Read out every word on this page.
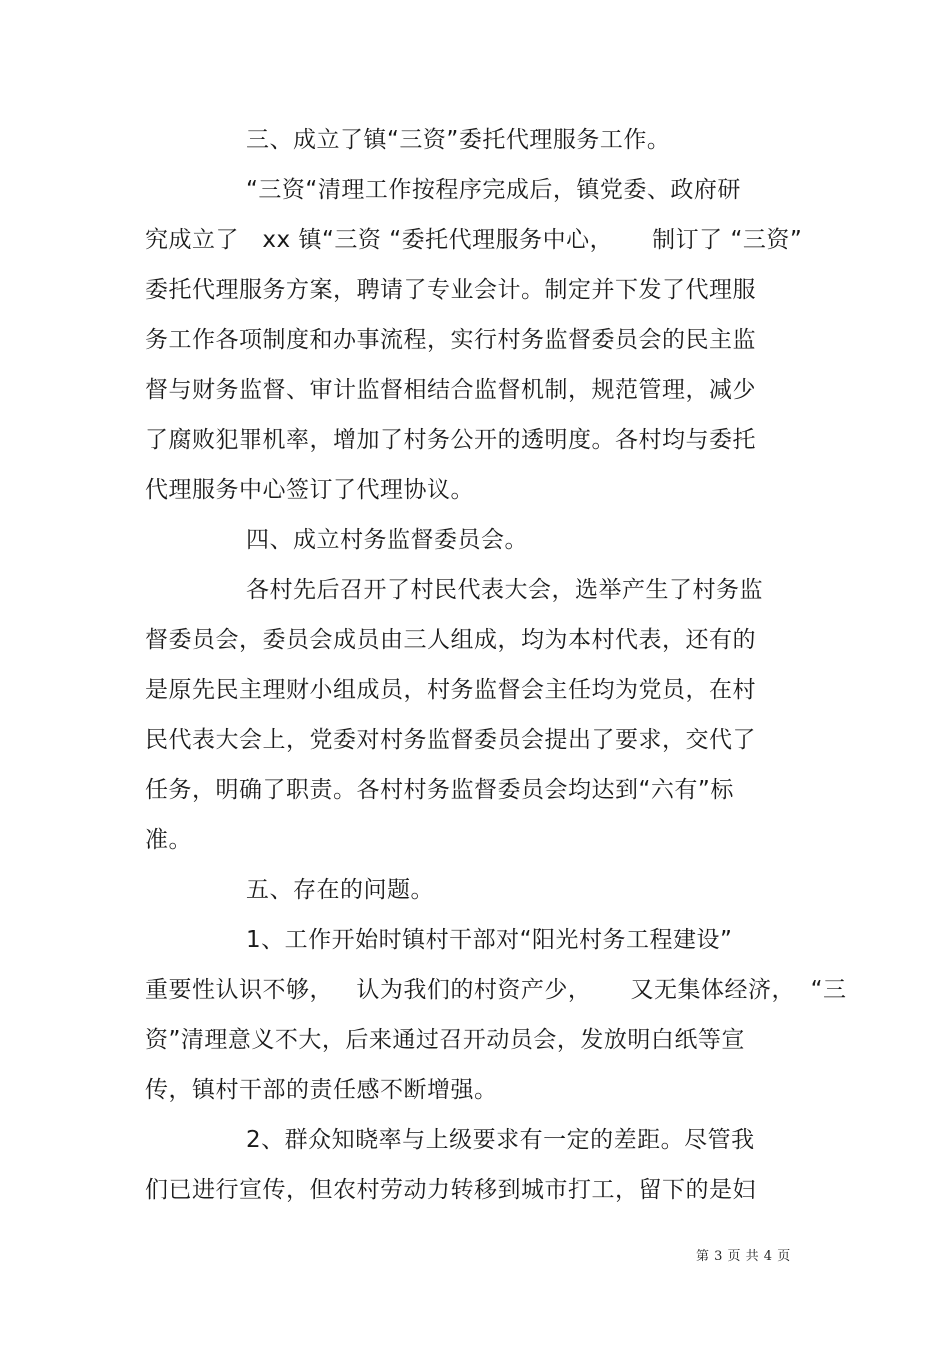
三、成立了镇“三资”委托代理服务工作。
“三资“清理工作按程序完成后，镇党委、政府研
究成立了   xx 镇“三资 “委托代理服务中心，     制订了 “三资”
委托代理服务方案，聘请了专业会计。制定并下发了代理服
务工作各项制度和办事流程，实行村务监督委员会的民主监
督与财务监督、审计监督相结合监督机制，规范管理，减少
了腐败犯罪机率，增加了村务公开的透明度。各村均与委托
代理服务中心签订了代理协议。
四、成立村务监督委员会。
各村先后召开了村民代表大会，选举产生了村务监
督委员会，委员会成员由三人组成，均为本村代表，还有的
是原先民主理财小组成员，村务监督会主任均为党员，在村
民代表大会上，党委对村务监督委员会提出了要求，交代了
任务，明确了职责。各村村务监督委员会均达到“六有”标
准。
五、存在的问题。
1、工作开始时镇村干部对“阳光村务工程建设”
重要性认识不够，   认为我们的村资产少，     又无集体经济，  “三
资”清理意义不大，后来通过召开动员会，发放明白纸等宣
传，镇村干部的责任感不断增强。
2、群众知晓率与上级要求有一定的差距。尽管我
们已进行宣传，但农村劳动力转移到城市打工，留下的是妇
第 3 页 共 4 页
